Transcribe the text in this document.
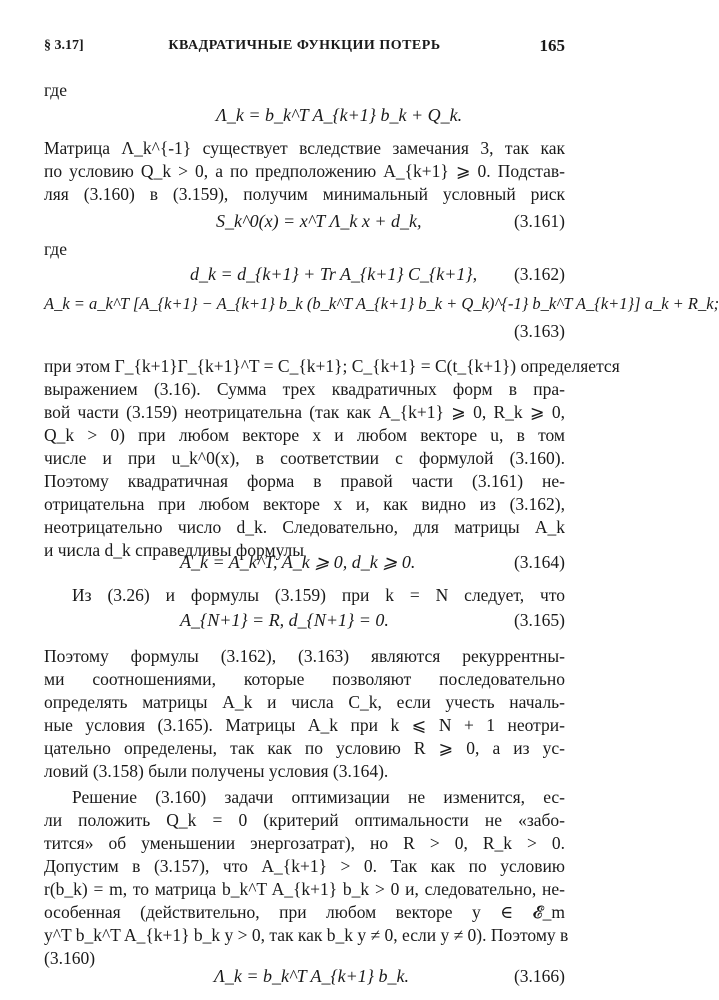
§ 3.17]	КВАДРАТИЧНЫЕ ФУНКЦИИ ПОТЕРЬ	165
где
Λ_k = b_k^T A_{k+1} b_k + Q_k.
Матрица Λ_k^{-1} существует вследствие замечания 3, так как
по условию Q_k > 0, а по предположению A_{k+1} ⩾ 0. Подстав-
ляя (3.160) в (3.159), получим минимальный условный риск
S_k^0(x) = x^T Λ_k x + d_k,	(3.161)
где
d_k = d_{k+1} + Tr A_{k+1} C_{k+1}, (3.162)
A_k = a_k^T [A_{k+1} − A_{k+1} b_k (b_k^T A_{k+1} b_k + Q_k)^{-1} b_k^T A_{k+1}] a_k + R_k;
(3.163)
при этом Γ_{k+1}Γ_{k+1}^T = C_{k+1}; C_{k+1} = C(t_{k+1}) определяется
выражением (3.16). Сумма трех квадратичных форм в пра-
вой части (3.159) неотрицательна (так как A_{k+1} ⩾ 0, R_k ⩾ 0,
Q_k > 0) при любом векторе x и любом векторе u, в том
числе и при u_k^0(x), в соответствии с формулой (3.160).
Поэтому квадратичная форма в правой части (3.161) не-
отрицательна при любом векторе x и, как видно из (3.162),
неотрицательно число d_k. Следовательно, для матрицы A_k
и числа d_k справедливы формулы
A_k = A_k^T, A_k ⩾ 0, d_k ⩾ 0.	(3.164)
Из (3.26) и формулы (3.159) при k = N следует, что
A_{N+1} = R, d_{N+1} = 0.	(3.165)
Поэтому формулы (3.162), (3.163) являются рекуррентны-
ми соотношениями, которые позволяют последовательно
определять матрицы A_k и числа C_k, если учесть началь-
ные условия (3.165). Матрицы A_k при k ⩽ N + 1 неотри-
цательно определены, так как по условию R ⩾ 0, а из ус-
ловий (3.158) были получены условия (3.164).
Решение (3.160) задачи оптимизации не изменится, ес-
ли положить Q_k = 0 (критерий оптимальности не «забо-
тится» об уменьшении энергозатрат), но R > 0, R_k > 0.
Допустим в (3.157), что A_{k+1} > 0. Так как по условию
r(b_k) = m, то матрица b_k^T A_{k+1} b_k > 0 и, следовательно, не-
особенная (действительно, при любом векторе y ∈ 𝓔_m
y^T b_k^T A_{k+1} b_k y > 0, так как b_k y ≠ 0, если y ≠ 0). Поэтому в
(3.160)
Λ_k = b_k^T A_{k+1} b_k.	(3.166)
